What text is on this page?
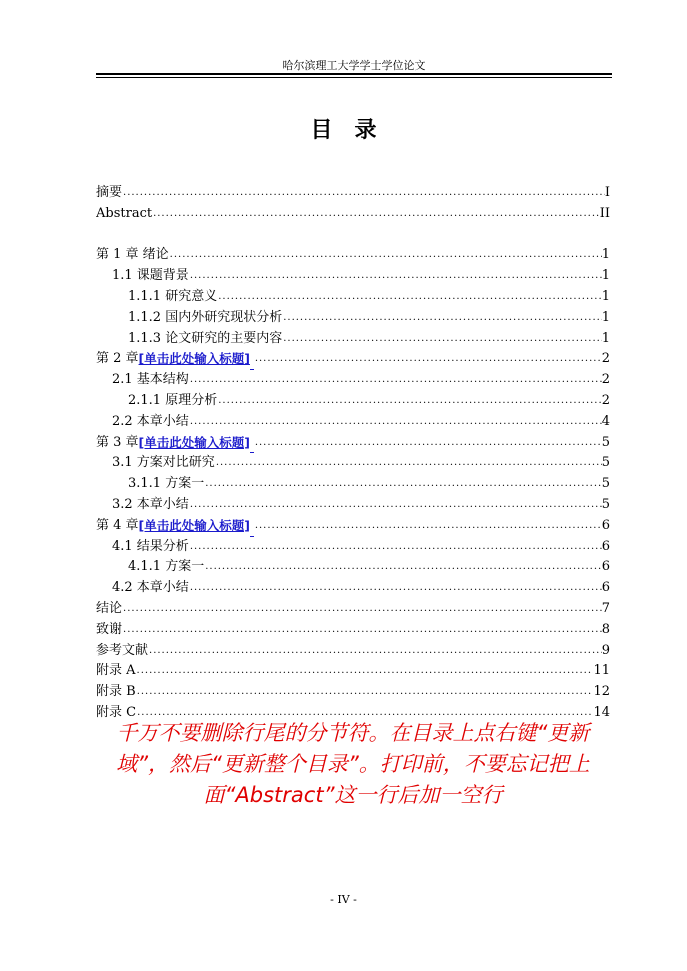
哈尔滨理工大学学士学位论文
目录
摘要 .....	I
Abstract .....	II
第 1 章 绪论 .....	1
1.1 课题背景 .....	1
1.1.1 研究意义 .....	1
1.1.2 国内外研究现状分析 .....	1
1.1.3 论文研究的主要内容 .....	1
第 2 章 [单击此处输入标题] .....	2
2.1 基本结构 .....	2
2.1.1 原理分析 .....	2
2.2 本章小结 .....	4
第 3 章 [单击此处输入标题] .....	5
3.1 方案对比研究 .....	5
3.1.1 方案一 .....	5
3.2 本章小结 .....	5
第 4 章 [单击此处输入标题] .....	6
4.1 结果分析 .....	6
4.1.1 方案一 .....	6
4.2 本章小结 .....	6
结论 .....	7
致谢 .....	8
参考文献 .....	9
附录 A .....	11
附录 B .....	12
附录 C .....	14
千万不要删除行尾的分节符。在目录上点右键“更新域”，然后“更新整个目录”。打印前，不要忘记把上面“Abstract”这一行后加一空行
- IV -
